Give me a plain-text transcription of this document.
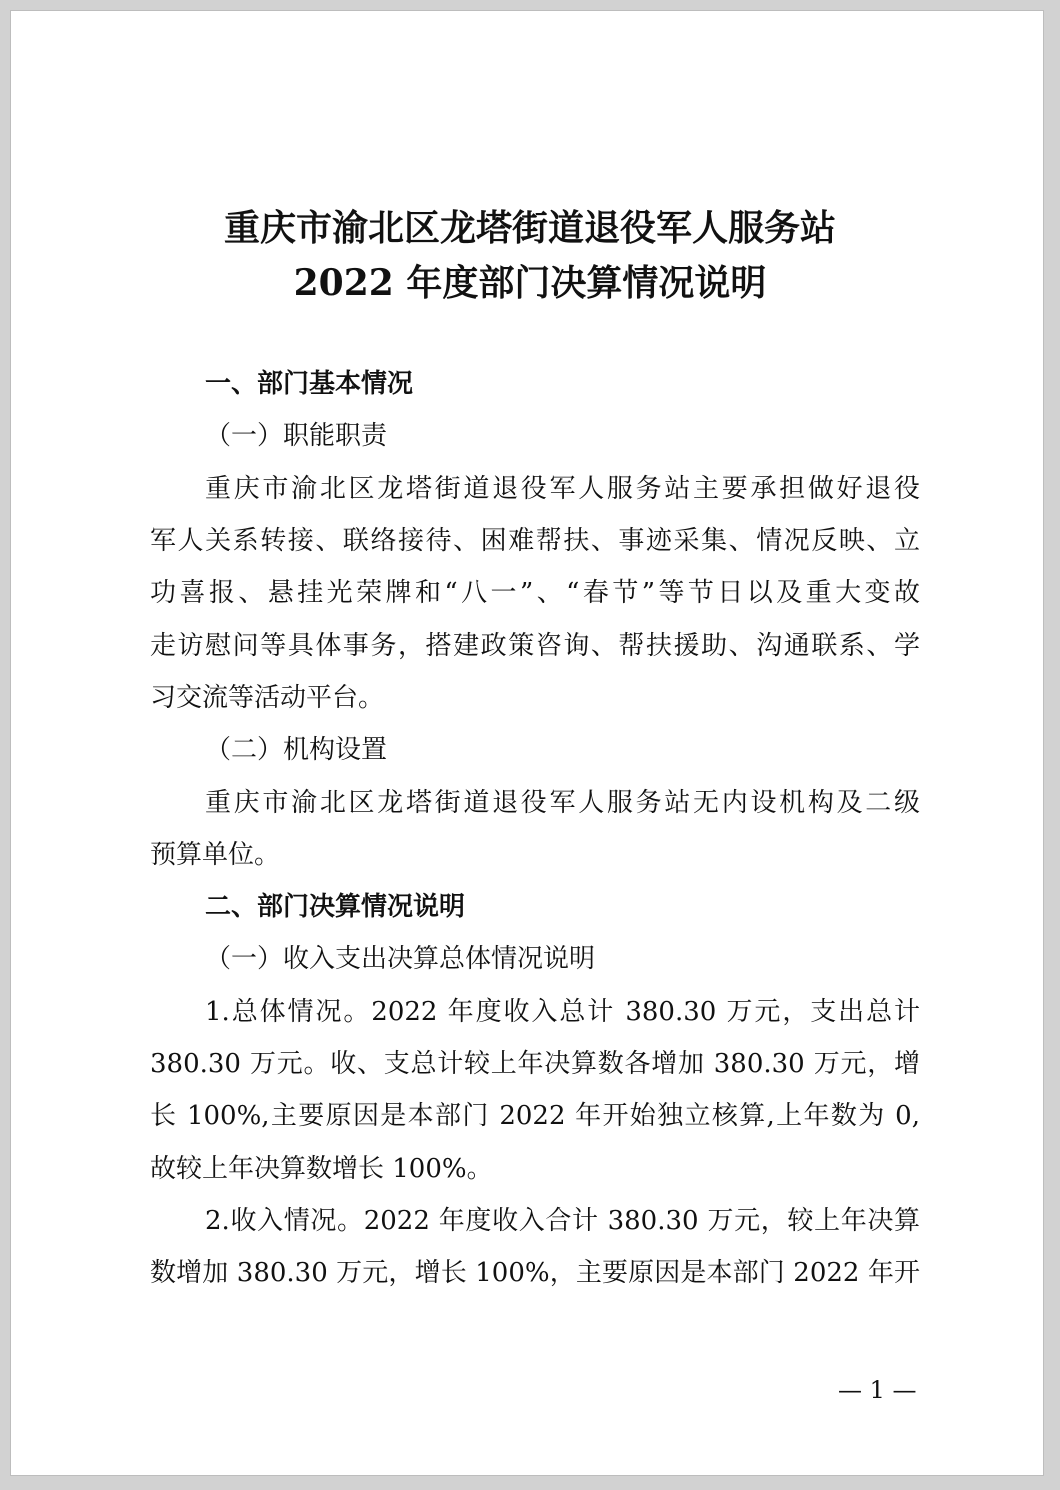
重庆市渝北区龙塔街道退役军人服务站
2022 年度部门决算情况说明

一、部门基本情况

（一）职能职责

重庆市渝北区龙塔街道退役军人服务站主要承担做好退役

军人关系转接、联络接待、困难帮扶、事迹采集、情况反映、立

功喜报、悬挂光荣牌和“八一”、“春节”等节日以及重大变故

走访慰问等具体事务，搭建政策咨询、帮扶援助、沟通联系、学

习交流等活动平台。

（二）机构设置

重庆市渝北区龙塔街道退役军人服务站无内设机构及二级

预算单位。

二、部门决算情况说明

（一）收入支出决算总体情况说明

1.总体情况。2022 年度收入总计 380.30 万元，支出总计

380.30 万元。收、支总计较上年决算数各增加 380.30 万元，增

长 100%,主要原因是本部门 2022 年开始独立核算,上年数为 0,

故较上年决算数增长 100%。

2.收入情况。2022 年度收入合计 380.30 万元，较上年决算

数增加 380.30 万元，增长 100%，主要原因是本部门 2022 年开

— 1 —
